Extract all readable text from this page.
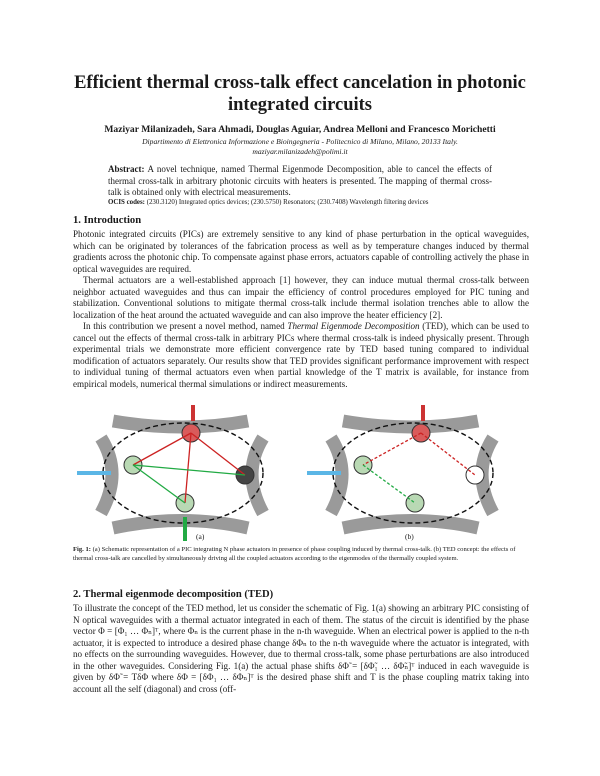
Efficient thermal cross-talk effect cancelation in photonic integrated circuits
Maziyar Milanizadeh, Sara Ahmadi, Douglas Aguiar, Andrea Melloni and Francesco Morichetti
Dipartimento di Elettronica Informazione e Bioingegneria - Politecnico di Milano, Milano, 20133 Italy.
maziyar.milanizadeh@polimi.it
Abstract: A novel technique, named Thermal Eigenmode Decomposition, able to cancel the effects of thermal cross-talk in arbitrary photonic circuits with heaters is presented. The mapping of thermal cross-talk is obtained only with electrical measurements.
OCIS codes: (230.3120) Integrated optics devices; (230.5750) Resonators; (230.7408) Wavelength filtering devices
1. Introduction

Photonic integrated circuits (PICs) are extremely sensitive to any kind of phase perturbation in the optical waveguides, which can be originated by tolerances of the fabrication process as well as by temperature changes induced by thermal gradients across the photonic chip. To compensate against phase errors, actuators capable of controlling actively the phase in optical waveguides are required.

Thermal actuators are a well-established approach [1] however, they can induce mutual thermal cross-talk between neighbor actuated waveguides and thus can impair the efficiency of control procedures employed for PIC tuning and stabilization. Conventional solutions to mitigate thermal cross-talk include thermal isolation trenches able to allow the localization of the heat around the actuated waveguide and can also improve the heater efficiency [2].

In this contribution we present a novel method, named Thermal Eigenmode Decomposition (TED), which can be used to cancel out the effects of thermal cross-talk in arbitrary PICs where thermal cross-talk is indeed physically present. Through experimental trials we demonstrate more efficient convergence rate by TED based tuning compared to individual modification of actuators separately. Our results show that TED provides significant performance improvement with respect to individual tuning of thermal actuators even when partial knowledge of the T matrix is available, for instance from empirical models, numerical thermal simulations or indirect measurements.

(a)	(b)
Fig. 1: (a) Schematic representation of a PIC integrating N phase actuators in presence of phase coupling induced by thermal cross-talk. (b) TED concept: the effects of thermal cross-talk are cancelled by simultaneously driving all the coupled actuators according to the eigenmodes of the thermally coupled system.
2. Thermal eigenmode decomposition (TED)

To illustrate the concept of the TED method, let us consider the schematic of Fig. 1(a) showing an arbitrary PIC consisting of N optical waveguides with a thermal actuator integrated in each of them. The status of the circuit is identified by the phase vector Φ = [Φ₁ … Φₙ]ᵀ, where Φₙ is the current phase in the n-th waveguide. When an electrical power is applied to the n-th actuator, it is expected to introduce a desired phase change δΦₙ to the n-th waveguide where the actuator is integrated, with no effects on the surrounding waveguides. However, due to thermal cross-talk, some phase perturbations are also introduced in the other waveguides. Considering Fig. 1(a) the actual phase shifts δΦ̃ = [δΦ̃₁ … δΦ̃ₙ]ᵀ induced in each waveguide is given by δΦ̃ = TδΦ where δΦ = [δΦ₁ … δΦₙ]ᵀ is the desired phase shift and T is the phase coupling matrix taking into account all the self (diagonal) and cross (off-
